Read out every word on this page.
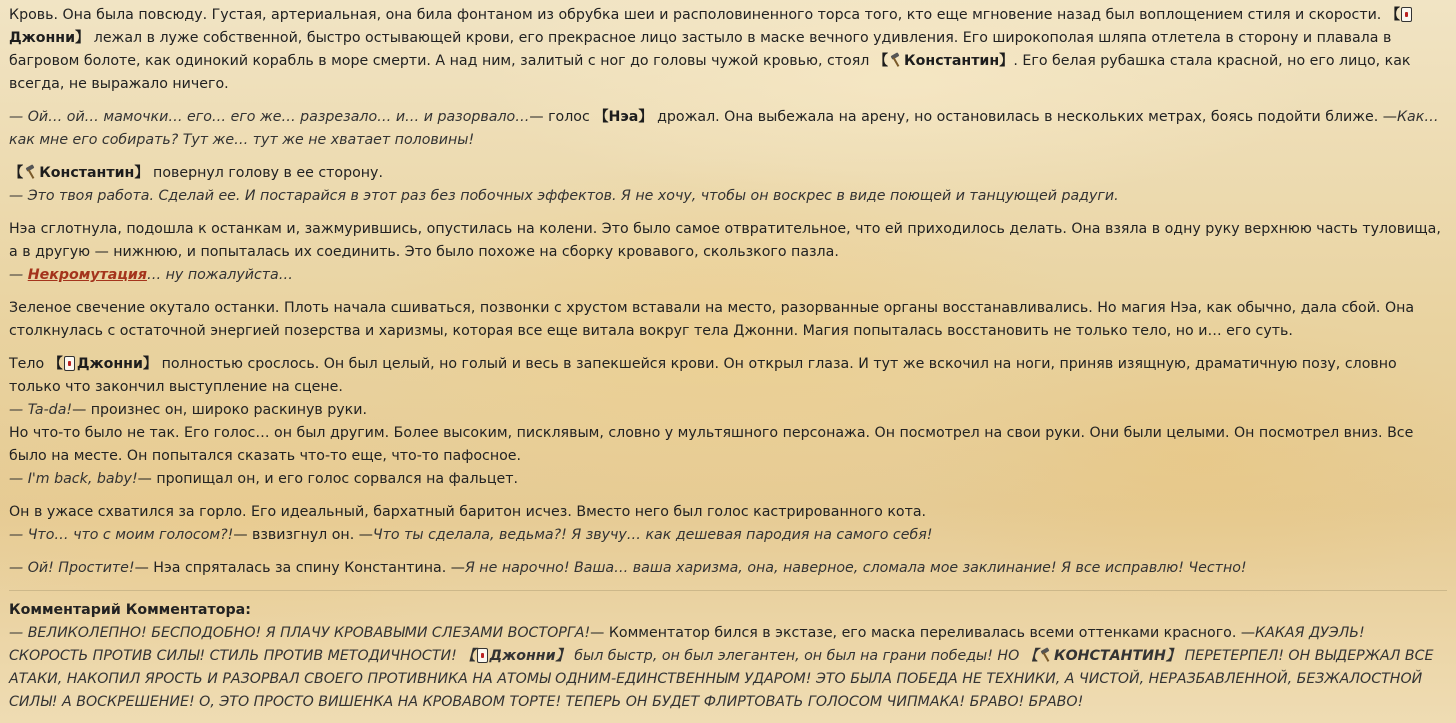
Кровь. Она была повсюду. Густая, артериальная, она била фонтаном из обрубка шеи и располовиненного торса того, кто еще мгновение назад был воплощением стиля и скорости. 【Джонни】 лежал в луже собственной, быстро остывающей крови, его прекрасное лицо застыло в маске вечного удивления. Его широкополая шляпа отлетела в сторону и плавала в багровом болоте, как одинокий корабль в море смерти. А над ним, залитый с ног до головы чужой кровью, стоял 【 Константин】. Его белая рубашка стала красной, но его лицо, как всегда, не выражало ничего.

— Ой… ой… мамочки… его… его же… разрезало… и… и разорвало…— голос 【Нэа】 дрожал. Она выбежала на арену, но остановилась в нескольких метрах, боясь подойти ближе. —Как… как мне его собирать? Тут же… тут же не хватает половины!

【 Константин】 повернул голову в ее сторону.
— Это твоя работа. Сделай ее. И постарайся в этот раз без побочных эффектов. Я не хочу, чтобы он воскрес в виде поющей и танцующей радуги.

Нэа сглотнула, подошла к останкам и, зажмурившись, опустилась на колени. Это было самое отвратительное, что ей приходилось делать. Она взяла в одну руку верхнюю часть туловища, а в другую — нижнюю, и попыталась их соединить. Это было похоже на сборку кровавого, скользкого пазла.
— Некромутация… ну пожалуйста…

Зеленое свечение окутало останки. Плоть начала сшиваться, позвонки с хрустом вставали на место, разорванные органы восстанавливались. Но магия Нэа, как обычно, дала сбой. Она столкнулась с остаточной энергией позерства и харизмы, которая все еще витала вокруг тела Джонни. Магия попыталась восстановить не только тело, но и… его суть.

Тело 【 Джонни】 полностью срослось. Он был целый, но голый и весь в запекшейся крови. Он открыл глаза. И тут же вскочил на ноги, приняв изящную, драматичную позу, словно только что закончил выступление на сцене.
— Ta-da!— произнес он, широко раскинув руки.
Но что-то было не так. Его голос… он был другим. Более высоким, писклявым, словно у мультяшного персонажа. Он посмотрел на свои руки. Они были целыми. Он посмотрел вниз. Все было на месте. Он попытался сказать что-то еще, что-то пафосное.
— I'm back, baby!— пропищал он, и его голос сорвался на фальцет.

Он в ужасе схватился за горло. Его идеальный, бархатный баритон исчез. Вместо него был голос кастрированного кота.
— Что… что с моим голосом?!— взвизгнул он. —Что ты сделала, ведьма?! Я звучу… как дешевая пародия на самого себя!

— Ой! Простите!— Нэа спряталась за спину Константина. —Я не нарочно! Ваша… ваша харизма, она, наверное, сломала мое заклинание! Я все исправлю! Честно!

Комментарий Комментатора:

— ВЕЛИКОЛЕПНО! БЕСПОДОБНО! Я ПЛАЧУ КРОВАВЫМИ СЛЕЗАМИ ВОСТОРГА!— Комментатор бился в экстазе, его маска переливалась всеми оттенками красного. —КАКАЯ ДУЭЛЬ! СКОРОСТЬ ПРОТИВ СИЛЫ! СТИЛЬ ПРОТИВ МЕТОДИЧНОСТИ! 【 Джонни】 был быстр, он был элегантен, он был на грани победы! НО 【 КОНСТАНТИН】 ПЕРЕТЕРПЕЛ! ОН ВЫДЕРЖАЛ ВСЕ АТАКИ, НАКОПИЛ ЯРОСТЬ И РАЗОРВАЛ СВОЕГО ПРОТИВНИКА НА АТОМЫ ОДНИМ-ЕДИНСТВЕННЫМ УДАРОМ! ЭТО БЫЛА ПОБЕДА НЕ ТЕХНИКИ, А ЧИСТОЙ, НЕРАЗБАВЛЕННОЙ, БЕЗЖАЛОСТНОЙ СИЛЫ! А ВОСКРЕШЕНИЕ! О, ЭТО ПРОСТО ВИШЕНКА НА КРОВАВОМ ТОРТЕ! ТЕПЕРЬ ОН БУДЕТ ФЛИРТОВАТЬ ГОЛОСОМ ЧИПМАКА! БРАВО! БРАВО!
